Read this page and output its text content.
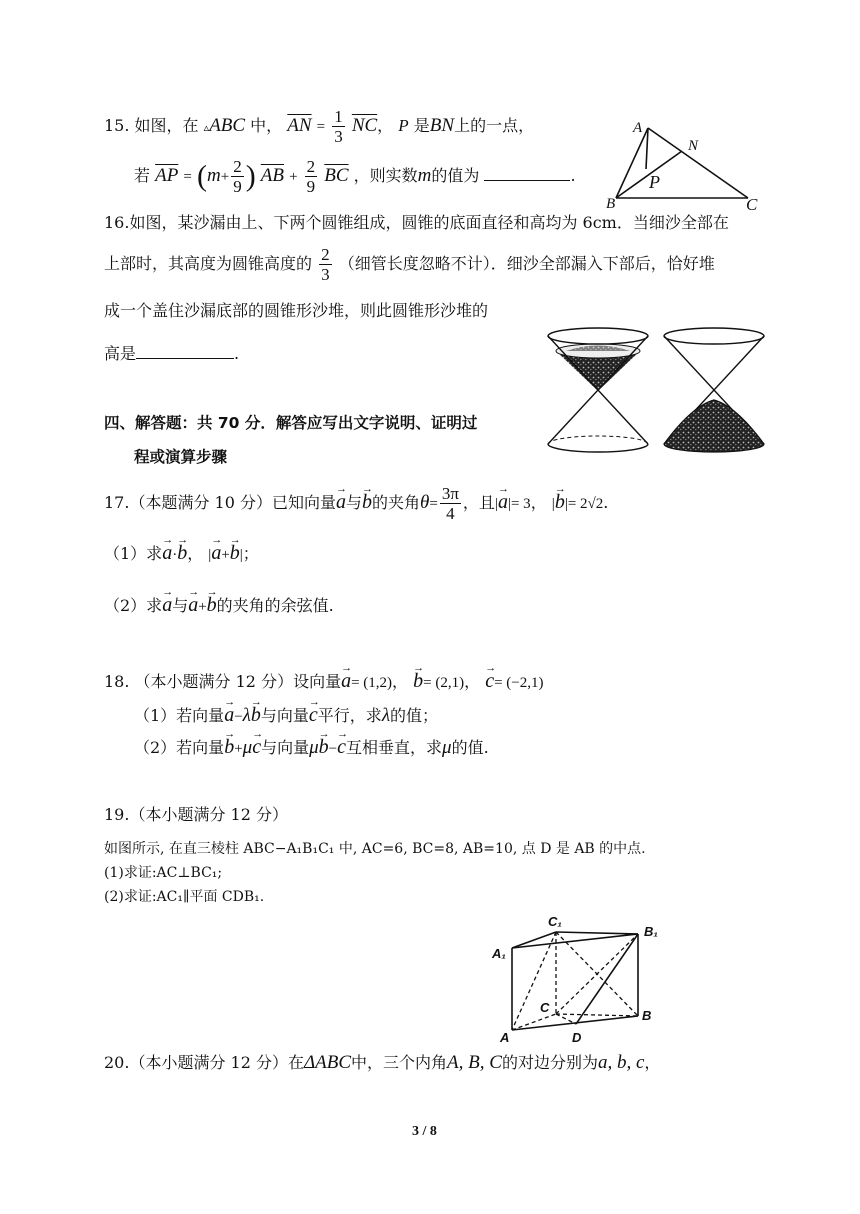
15. 如图，在 ▵ABC 中， $\overline{AN} = \frac{1}{3} \overline{NC}$， P 是BN上的一点，
若 $\overline{AP} = (m+ \frac{2}{9}$ ) $\overline{AB} + \frac{2}{9} \overline{BC}$ ，则实数m的值为	.
A
N
P
B	C
16.如图，某沙漏由上、下两个圆锥组成，圆锥的底面直径和高均为 6cm．当细沙全部在
上部时，其高度为圆锥高度的 $\frac{2}{3}$ （细管长度忽略不计）．细沙全部漏入下部后，恰好堆
成一个盖住沙漏底部的圆锥形沙堆，则此圆锥形沙堆的
高是	.
四、解答题：共 70 分．解答应写出文字说明、证明过
程或演算步骤
17.（本题满分 10 分）已知向量→ a与→ b的夹角$\theta= \frac{3\pi}{4}$ ，且|→ a|= 3， |→ b|= 2√2.
（1）求→ a·→ b， |→ a+→ b|；
（2）求→ a与→ a+→ b的夹角的余弦值.
18. （本小题满分 12 分）设向量→ a= (1,2)， → b= (2,1)， → c= (−2,1)
（1）若向量→ a−λ→ b与向量→ c平行，求λ的值；
（2）若向量→ b+μ→ c与向量μ→ b−→ c互相垂直，求μ的值.
19.（本小题满分 12 分）
如图所示, 在直三棱柱 ABC−A₁B₁C₁ 中, AC=6, BC=8, AB=10, 点 D 是 AB 的中点.
(1)求证:AC⊥BC₁;
(2)求证:AC₁∥平面 CDB₁.
C₁
B₁
A₁
C
B
A	D
20.（本小题满分 12 分）在ΔABC中，三个内角A, B, C的对边分别为a, b, c，
3 / 8
